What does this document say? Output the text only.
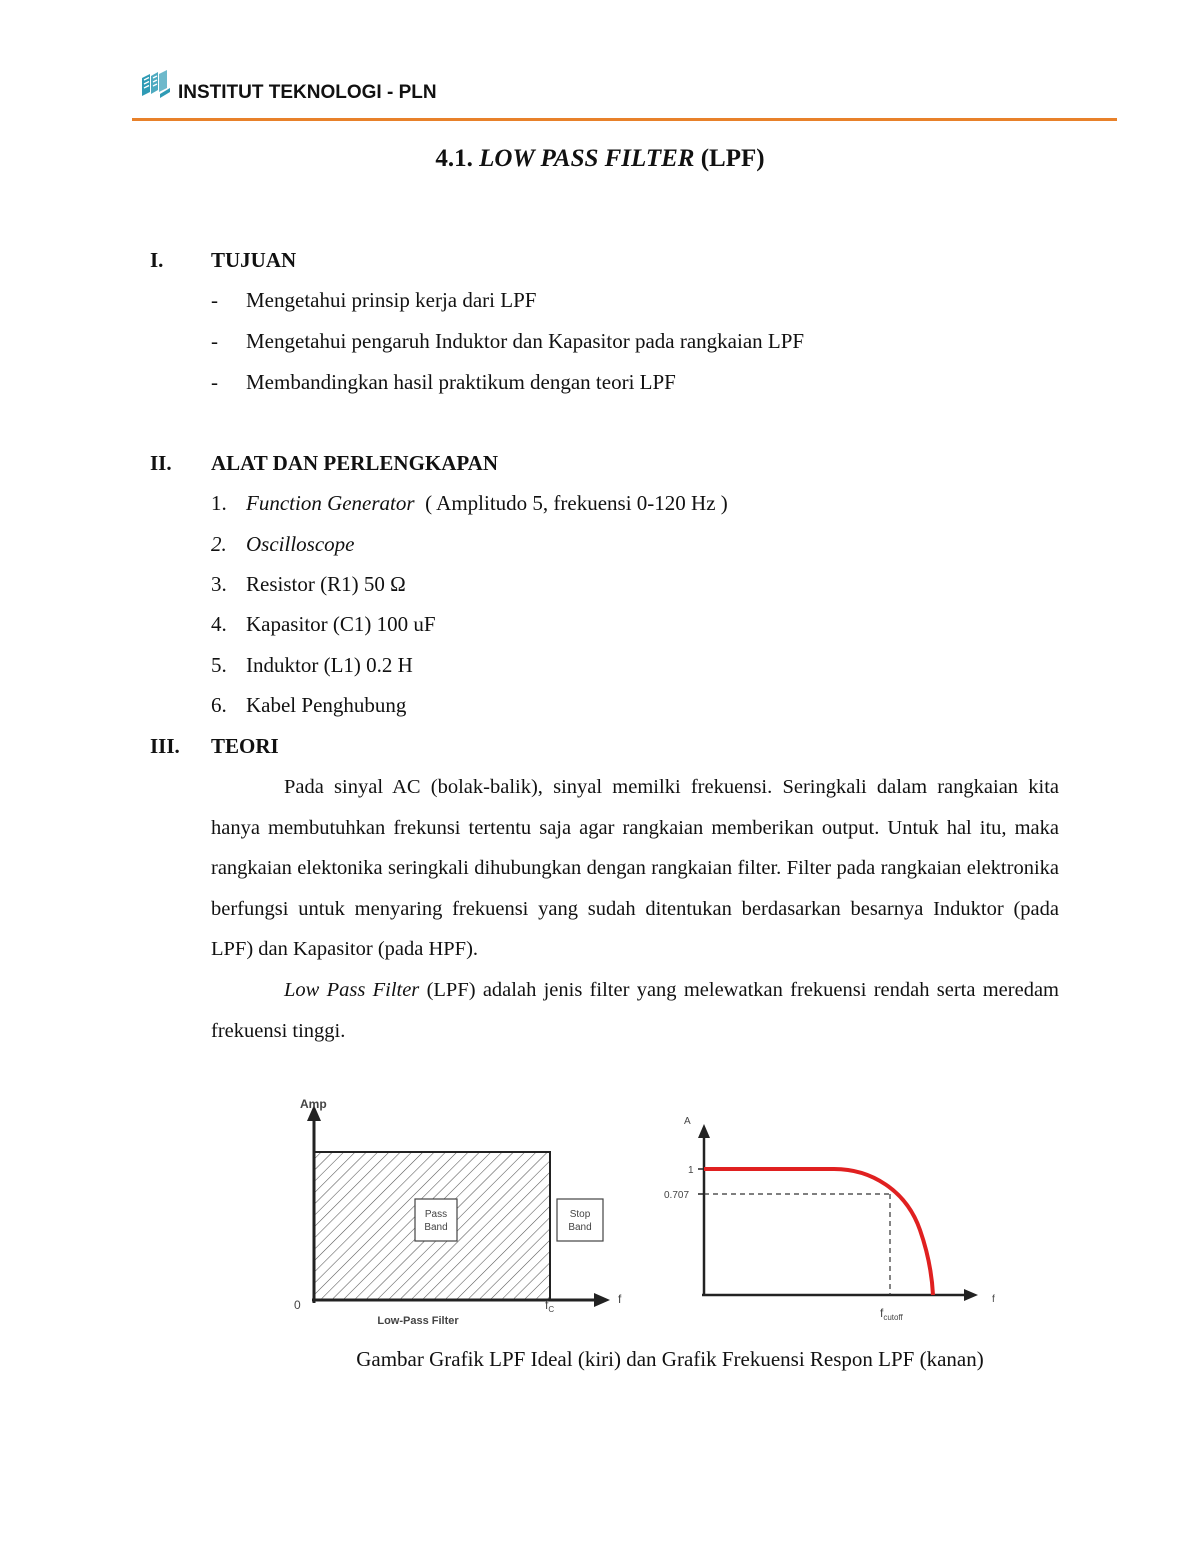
INSTITUT TEKNOLOGI - PLN
4.1. LOW PASS FILTER (LPF)
I. TUJUAN
- Mengetahui prinsip kerja dari LPF
- Mengetahui pengaruh Induktor dan Kapasitor pada rangkaian LPF
- Membandingkan hasil praktikum dengan teori LPF
II. ALAT DAN PERLENGKAPAN
1. Function Generator ( Amplitudo 5, frekuensi 0-120 Hz )
2. Oscilloscope
3. Resistor (R1) 50 Ω
4. Kapasitor (C1) 100 uF
5. Induktor (L1) 0.2 H
6. Kabel Penghubung
III. TEORI

Pada sinyal AC (bolak-balik), sinyal memilki frekuensi. Seringkali dalam rangkaian kita hanya membutuhkan frekunsi tertentu saja agar rangkaian memberikan output. Untuk hal itu, maka rangkaian elektonika seringkali dihubungkan dengan rangkaian filter. Filter pada rangkaian elektronika berfungsi untuk menyaring frekuensi yang sudah ditentukan berdasarkan besarnya Induktor (pada LPF) dan Kapasitor (pada HPF).

Low Pass Filter (LPF) adalah jenis filter yang melewatkan frekuensi rendah serta meredam frekuensi tinggi.

Amp
0	f
$f_C$
Pass
Band
Stop
Band
Low-Pass Filter
A
1
0.707
f
$f_{cutoff}$
Gambar Grafik LPF Ideal (kiri) dan Grafik Frekuensi Respon LPF (kanan)
